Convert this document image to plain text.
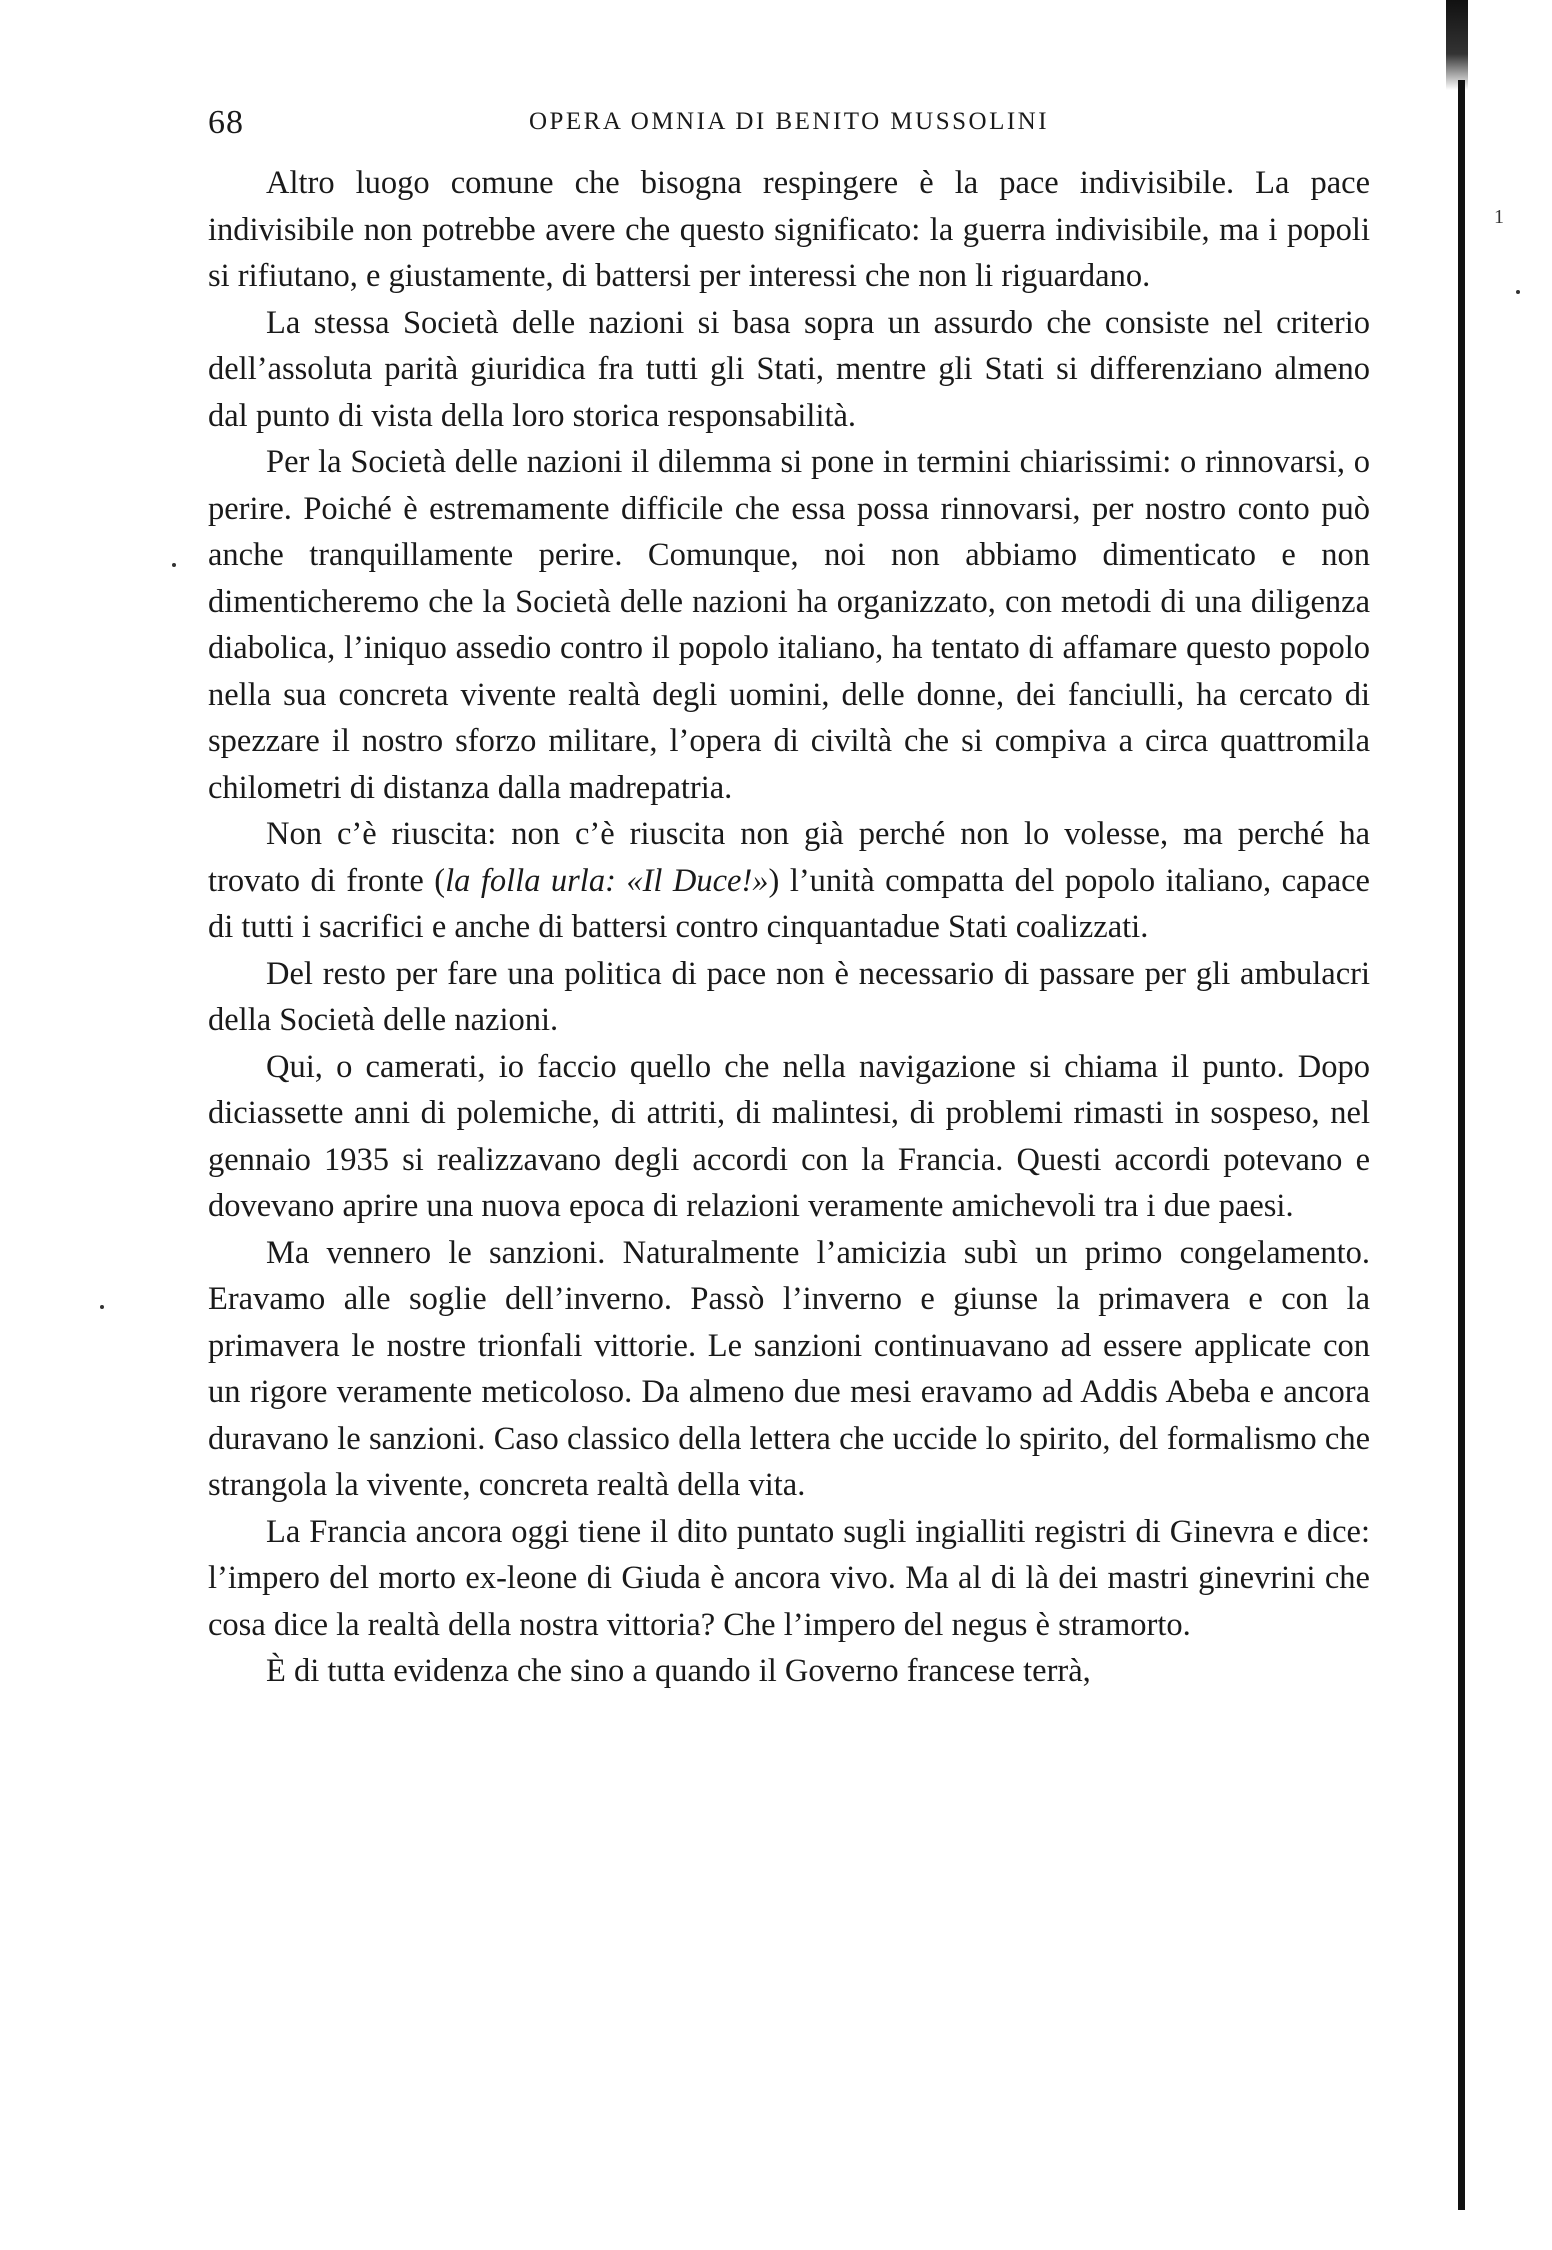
1
68	OPERA OMNIA DI BENITO MUSSOLINI

Altro luogo comune che bisogna respingere è la pace indivisibile. La pace indivisibile non potrebbe avere che questo significato: la guerra indivisibile, ma i popoli si rifiutano, e giustamente, di battersi per interessi che non li riguardano.

La stessa Società delle nazioni si basa sopra un assurdo che consiste nel criterio dell’assoluta parità giuridica fra tutti gli Stati, mentre gli Stati si differenziano almeno dal punto di vista della loro storica responsabilità.

Per la Società delle nazioni il dilemma si pone in termini chiarissimi: o rinnovarsi, o perire. Poiché è estremamente difficile che essa possa rinnovarsi, per nostro conto può anche tranquillamente perire. Comunque, noi non abbiamo dimenticato e non dimenticheremo che la Società delle nazioni ha organizzato, con metodi di una diligenza diabolica, l’iniquo assedio contro il popolo italiano, ha tentato di affamare questo popolo nella sua concreta vivente realtà degli uomini, delle donne, dei fanciulli, ha cercato di spezzare il nostro sforzo militare, l’opera di civiltà che si compiva a circa quattromila chilometri di distanza dalla madrepatria.

Non c’è riuscita: non c’è riuscita non già perché non lo volesse, ma perché ha trovato di fronte (la folla urla: «Il Duce!») l’unità compatta del popolo italiano, capace di tutti i sacrifici e anche di battersi contro cinquantadue Stati coalizzati.

Del resto per fare una politica di pace non è necessario di passare per gli ambulacri della Società delle nazioni.

Qui, o camerati, io faccio quello che nella navigazione si chiama il punto. Dopo diciassette anni di polemiche, di attriti, di malintesi, di problemi rimasti in sospeso, nel gennaio 1935 si realizzavano degli accordi con la Francia. Questi accordi potevano e dovevano aprire una nuova epoca di relazioni veramente amichevoli tra i due paesi.

Ma vennero le sanzioni. Naturalmente l’amicizia subì un primo congelamento. Eravamo alle soglie dell’inverno. Passò l’inverno e giunse la primavera e con la primavera le nostre trionfali vittorie. Le sanzioni continuavano ad essere applicate con un rigore veramente meticoloso. Da almeno due mesi eravamo ad Addis Abeba e ancora duravano le sanzioni. Caso classico della lettera che uccide lo spirito, del formalismo che strangola la vivente, concreta realtà della vita.

La Francia ancora oggi tiene il dito puntato sugli ingialliti registri di Ginevra e dice: l’impero del morto ex-leone di Giuda è ancora vivo. Ma al di là dei mastri ginevrini che cosa dice la realtà della nostra vittoria? Che l’impero del negus è stramorto.

È di tutta evidenza che sino a quando il Governo francese terrà,
